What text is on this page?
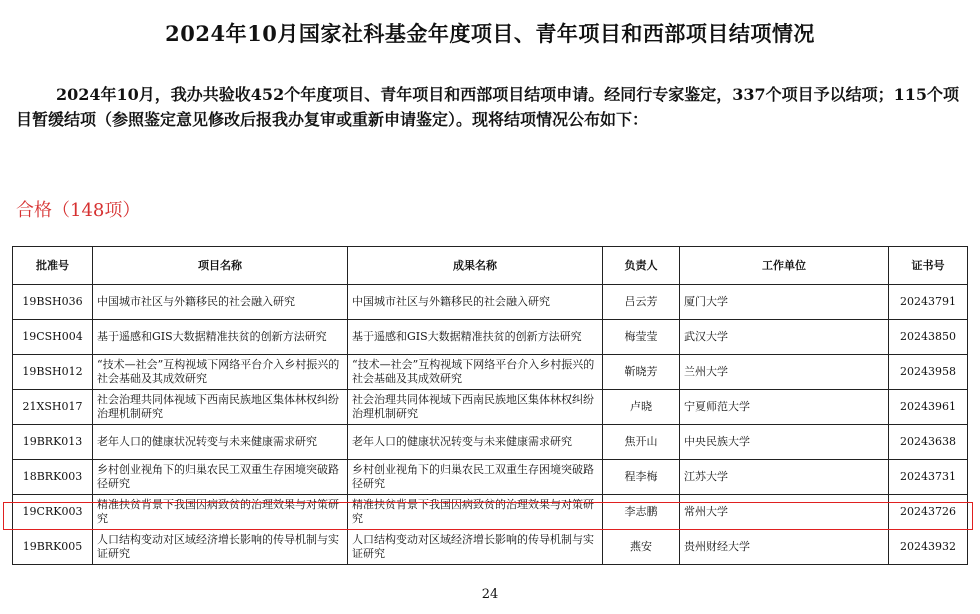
2024年10月国家社科基金年度项目、青年项目和西部项目结项情况
2024年10月，我办共验收452个年度项目、青年项目和西部项目结项申请。经同行专家鉴定，337个项目予以结项；115个项目暂缓结项（参照鉴定意见修改后报我办复审或重新申请鉴定）。现将结项情况公布如下：
合格（148项）
批准号	项目名称	成果名称	负责人	工作单位	证书号
19BSH036	中国城市社区与外籍移民的社会融入研究	中国城市社区与外籍移民的社会融入研究	吕云芳	厦门大学	20243791
19CSH004	基于遥感和GIS大数据精准扶贫的创新方法研究	基于遥感和GIS大数据精准扶贫的创新方法研究	梅莹莹	武汉大学	20243850
19BSH012	“技术—社会”互构视域下网络平台介入乡村振兴的社会基础及其成效研究	“技术—社会”互构视域下网络平台介入乡村振兴的社会基础及其成效研究	靳晓芳	兰州大学	20243958
21XSH017	社会治理共同体视域下西南民族地区集体林权纠纷治理机制研究	社会治理共同体视域下西南民族地区集体林权纠纷治理机制研究	卢晓	宁夏师范大学	20243961
19BRK013	老年人口的健康状况转变与未来健康需求研究	老年人口的健康状况转变与未来健康需求研究	焦开山	中央民族大学	20243638
18BRK003	乡村创业视角下的归巢农民工双重生存困境突破路径研究	乡村创业视角下的归巢农民工双重生存困境突破路径研究	程李梅	江苏大学	20243731
19CRK003	精准扶贫背景下我国因病致贫的治理效果与对策研究	精准扶贫背景下我国因病致贫的治理效果与对策研究	李志鹏	常州大学	20243726
19BRK005	人口结构变动对区域经济增长影响的传导机制与实证研究	人口结构变动对区域经济增长影响的传导机制与实证研究	燕安	贵州财经大学	20243932
24
